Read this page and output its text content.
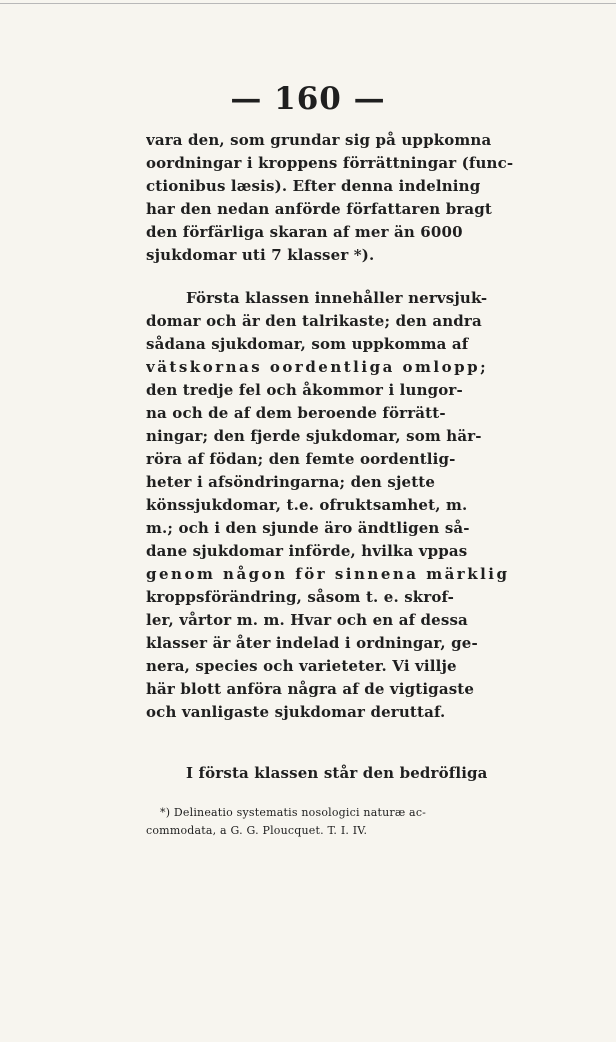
— 160 —
vara den, som grundar sig på uppkomna
oordningar i kroppens förrättningar (func-
ctionibus læsis). Efter denna indelning
har den nedan anförde författaren bragt
den förfärliga skaran af mer än 6000
sjukdomar uti 7 klasser *).
Första klassen innehåller nervsjuk-
domar och är den talrikaste; den andra
sådana sjukdomar, som uppkomma af
vätskornas oordentliga omlopp;
den tredje fel och åkommor i lungor-
na och de af dem beroende förrätt-
ningar; den fjerde sjukdomar, som här-
röra af födan; den femte oordentlig-
heter i afsöndringarna; den sjette
könssjukdomar, t.e. ofruktsamhet, m.
m.; och i den sjunde äro ändtligen så-
dane sjukdomar införde, hvilka vppas
genom någon för sinnena märklig
kroppsförändring, såsom t. e. skrof-
ler, vårtor m. m. Hvar och en af dessa
klasser är åter indelad i ordningar, ge-
nera, species och varieteter. Vi villje
här blott anföra några af de vigtigaste
och vanligaste sjukdomar deruttaf.
I första klassen står den bedröfliga
*) Delineatio systematis nosologici naturæ ac-
commodata, a G. G. Ploucquet. T. I. IV.
